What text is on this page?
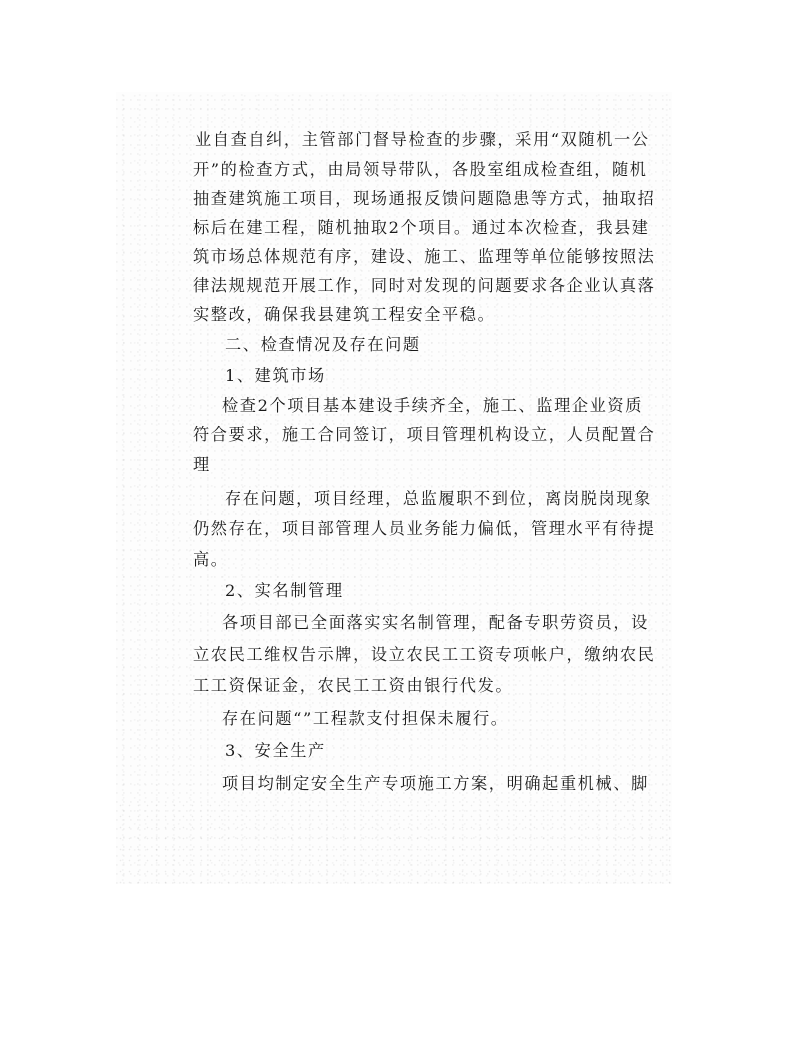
业自查自纠，主管部门督导检查的步骤，采用“双随机一公
开”的检查方式，由局领导带队，各股室组成检查组，随机
抽查建筑施工项目，现场通报反馈问题隐患等方式，抽取招
标后在建工程，随机抽取2个项目。通过本次检查，我县建
筑市场总体规范有序，建设、施工、监理等单位能够按照法
律法规规范开展工作，同时对发现的问题要求各企业认真落
实整改，确保我县建筑工程安全平稳。
二、检查情况及存在问题
1、建筑市场
检查2个项目基本建设手续齐全，施工、监理企业资质
符合要求，施工合同签订，项目管理机构设立，人员配置合
理
存在问题，项目经理，总监履职不到位，离岗脱岗现象
仍然存在，项目部管理人员业务能力偏低，管理水平有待提
高。
2、实名制管理
各项目部已全面落实实名制管理，配备专职劳资员，设
立农民工维权告示牌，设立农民工工资专项帐户，缴纳农民
工工资保证金，农民工工资由银行代发。
存在问题“”工程款支付担保未履行。
3、安全生产
项目均制定安全生产专项施工方案，明确起重机械、脚
